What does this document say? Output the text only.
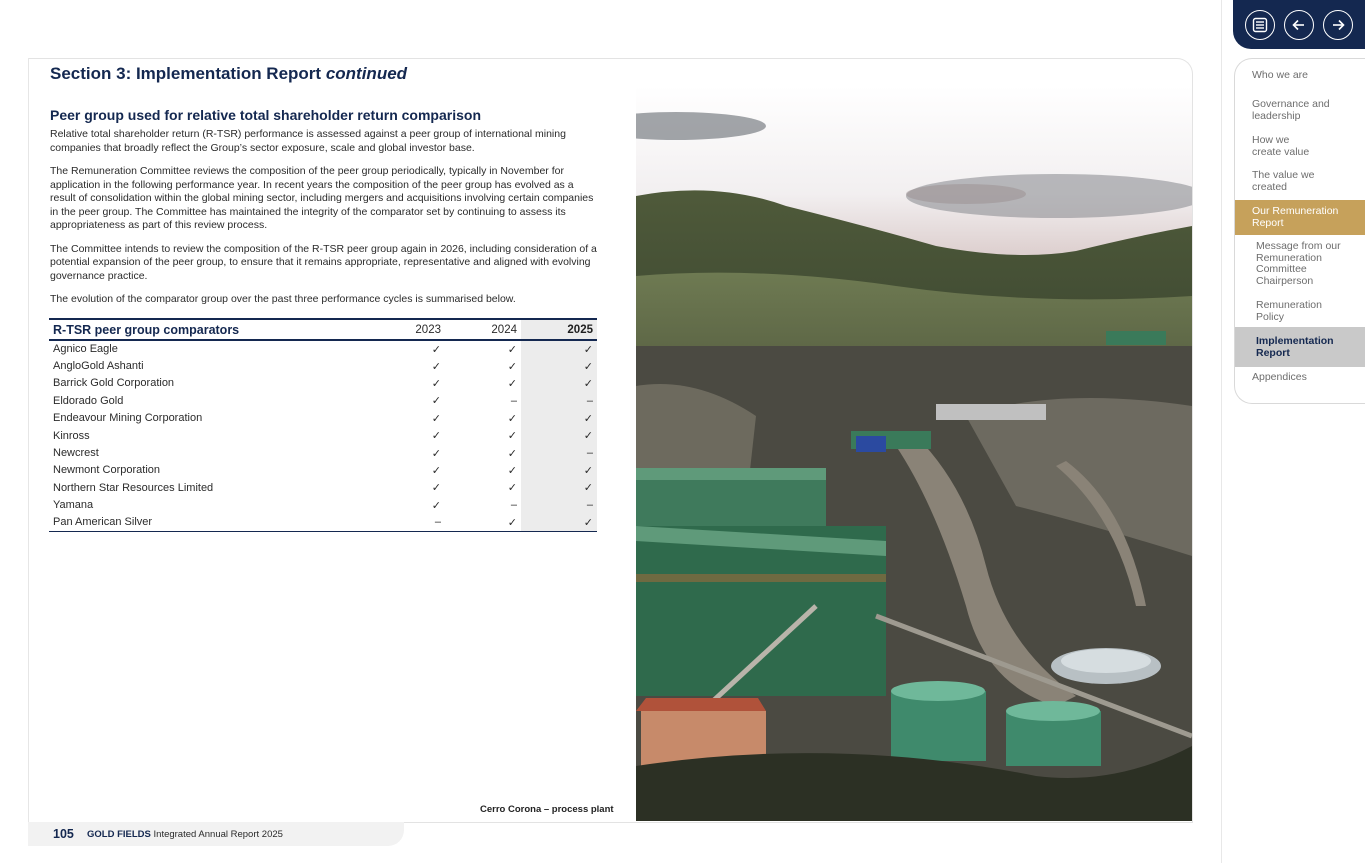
Section 3: Implementation Report continued
Peer group used for relative total shareholder return comparison

Relative total shareholder return (R-TSR) performance is assessed against a peer group of international mining companies that broadly reflect the Group’s sector exposure, scale and global investor base.

The Remuneration Committee reviews the composition of the peer group periodically, typically in November for application in the following performance year. In recent years the composition of the peer group has evolved as a result of consolidation within the global mining sector, including mergers and acquisitions involving certain companies in the peer group. The Committee has maintained the integrity of the comparator set by continuing to assess its appropriateness as part of this review process.

The Committee intends to review the composition of the R-TSR peer group again in 2026, including consideration of a potential expansion of the peer group, to ensure that it remains appropriate, representative and aligned with evolving governance practice.

The evolution of the comparator group over the past three performance cycles is summarised below.

R-TSR peer group comparators	2023	2024	2025
Agnico Eagle	✓	✓	✓
AngloGold Ashanti	✓	✓	✓
Barrick Gold Corporation	✓	✓	✓
Eldorado Gold	✓	–	–
Endeavour Mining Corporation	✓	✓	✓
Kinross	✓	✓	✓
Newcrest	✓	✓	–
Newmont Corporation	✓	✓	✓
Northern Star Resources Limited	✓	✓	✓
Yamana	✓	–	–
Pan American Silver	–	✓	✓
Cerro Corona – process plant
105 GOLD FIELDS Integrated Annual Report 2025
Who we are
Governance and leadership
How we create value
The value we created
Our Remuneration Report
Message from our Remuneration Committee Chairperson
Remuneration Policy
Implementation Report
Appendices
